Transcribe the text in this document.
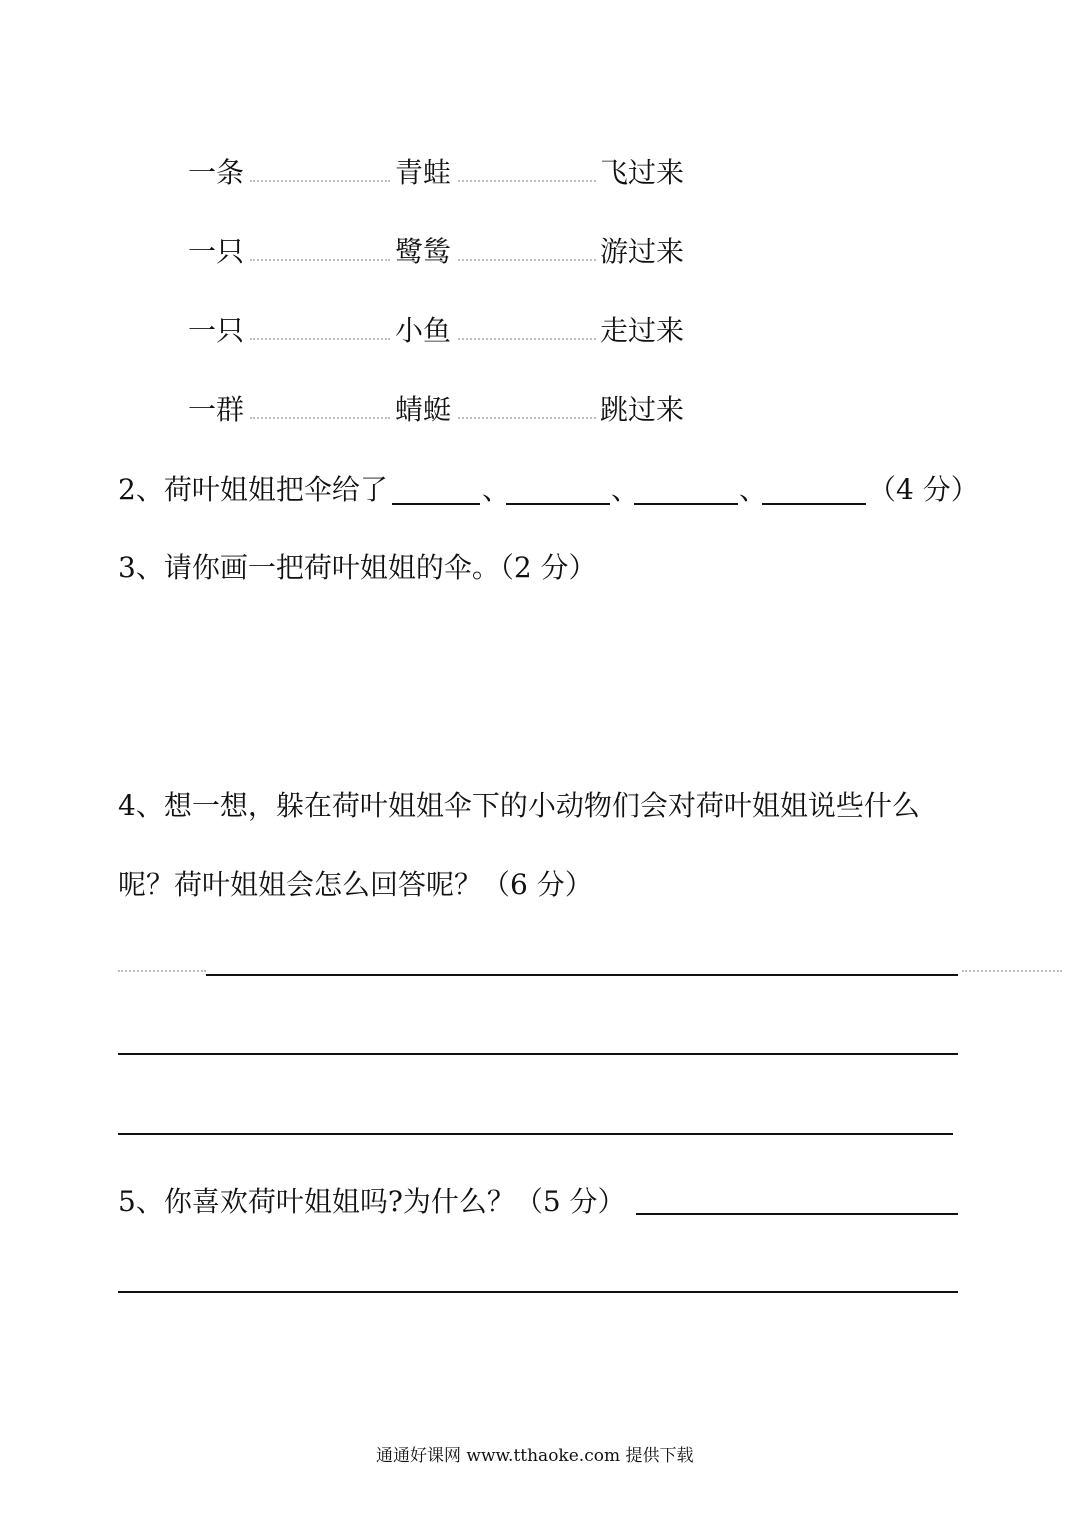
一条	青蛙	飞过来
一只	鹭鸶	游过来
一只	小鱼	走过来
一群	蜻蜓	跳过来
2、荷叶姐姐把伞给了	、	、	、	（4 分）
3、请你画一把荷叶姐姐的伞。（2 分）
4、想一想，躲在荷叶姐姐伞下的小动物们会对荷叶姐姐说些什么
呢？荷叶姐姐会怎么回答呢？（6 分）
5、你喜欢荷叶姐姐吗?为什么？（5 分）
通通好课网 www.tthaoke.com 提供下载
